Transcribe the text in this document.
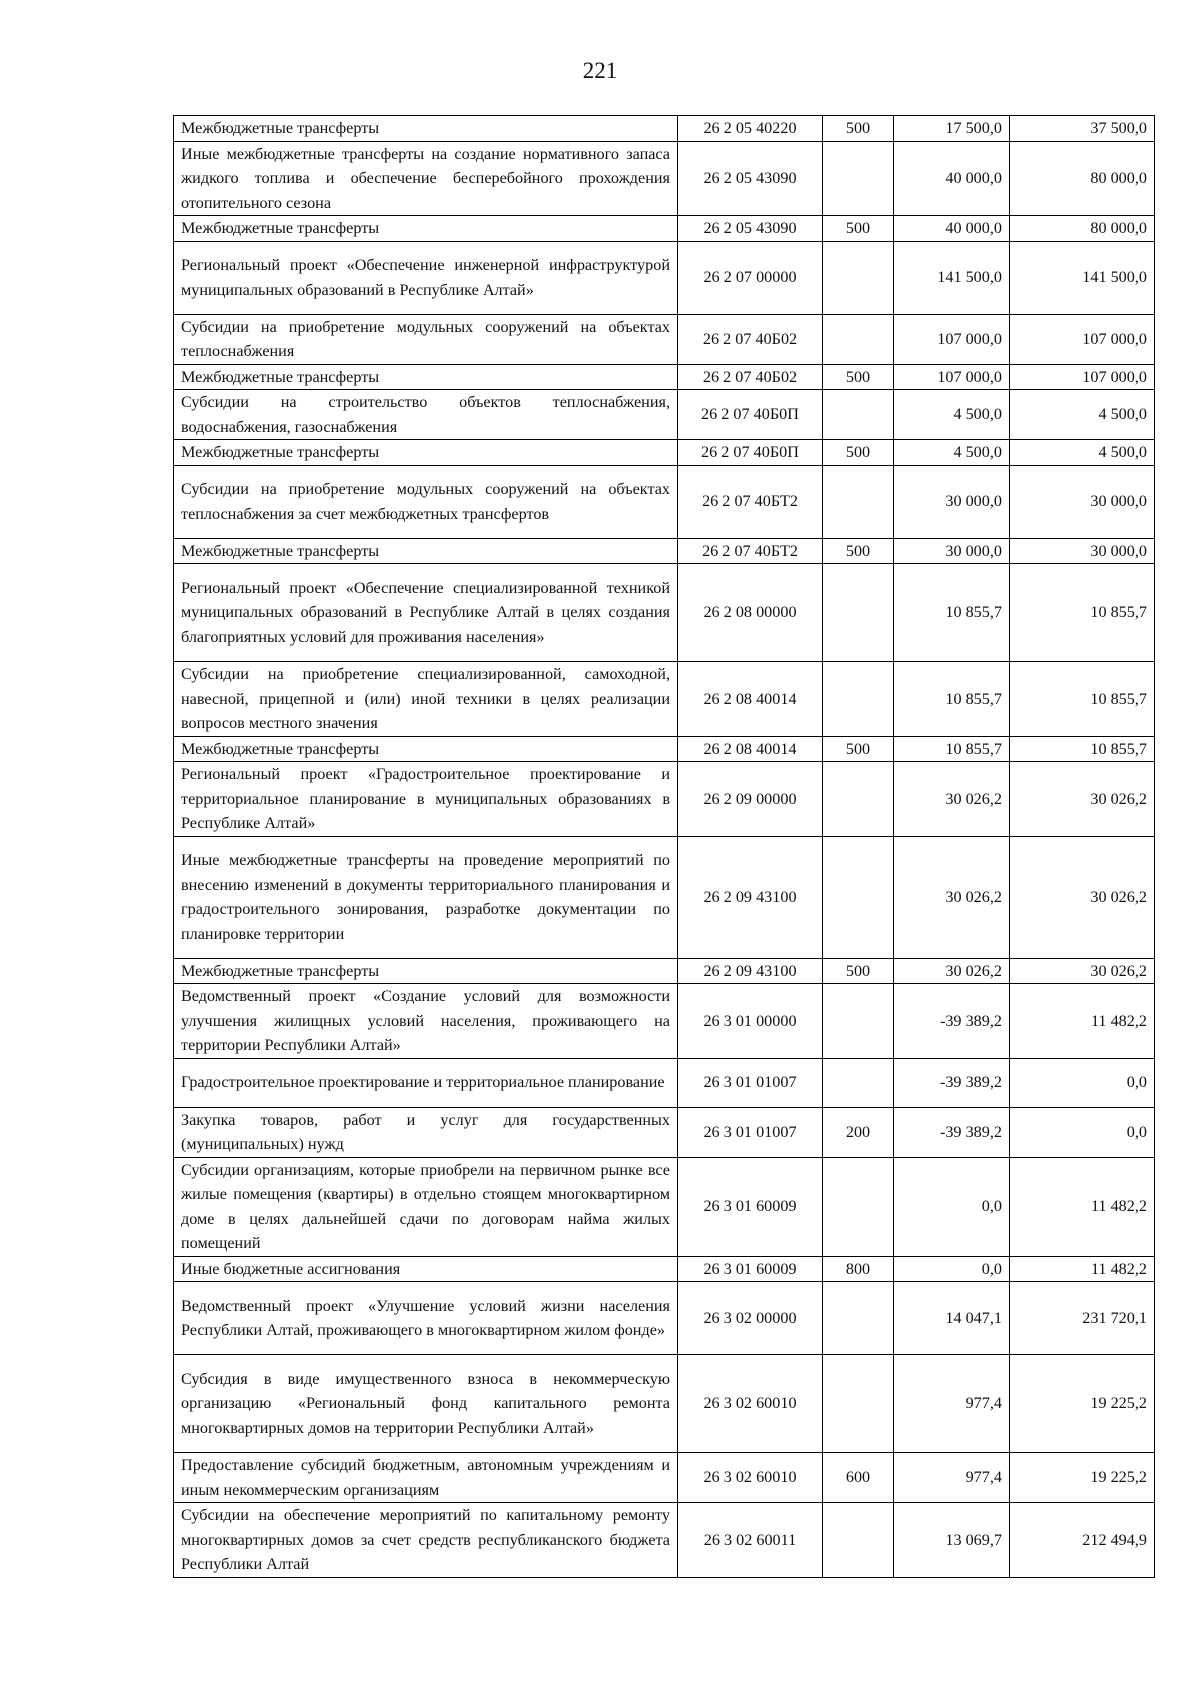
221
Межбюджетные трансферты	26 2 05 40220	500	17 500,0	37 500,0
Иные межбюджетные трансферты на создание нормативного запаса жидкого топлива и обеспечение бесперебойного прохождения отопительного сезона	26 2 05 43090		40 000,0	80 000,0
Межбюджетные трансферты	26 2 05 43090	500	40 000,0	80 000,0
Региональный проект «Обеспечение инженерной инфраструктурой муниципальных образований в Республике Алтай»	26 2 07 00000		141 500,0	141 500,0
Субсидии на приобретение модульных сооружений на объектах теплоснабжения	26 2 07 40Б02		107 000,0	107 000,0
Межбюджетные трансферты	26 2 07 40Б02	500	107 000,0	107 000,0
Субсидии на строительство объектов теплоснабжения, водоснабжения, газоснабжения	26 2 07 40Б0П		4 500,0	4 500,0
Межбюджетные трансферты	26 2 07 40Б0П	500	4 500,0	4 500,0
Субсидии на приобретение модульных сооружений на объектах теплоснабжения за счет межбюджетных трансфертов	26 2 07 40БТ2		30 000,0	30 000,0
Межбюджетные трансферты	26 2 07 40БТ2	500	30 000,0	30 000,0
Региональный проект «Обеспечение специализированной техникой муниципальных образований в Республике Алтай в целях создания благоприятных условий для проживания населения»	26 2 08 00000		10 855,7	10 855,7
Субсидии на приобретение специализированной, самоходной, навесной, прицепной и (или) иной техники в целях реализации вопросов местного значения	26 2 08 40014		10 855,7	10 855,7
Межбюджетные трансферты	26 2 08 40014	500	10 855,7	10 855,7
Региональный проект «Градостроительное проектирование и территориальное планирование в муниципальных образованиях в Республике Алтай»	26 2 09 00000		30 026,2	30 026,2
Иные межбюджетные трансферты на проведение мероприятий по внесению изменений в документы территориального планирования и градостроительного зонирования, разработке документации по планировке территории	26 2 09 43100		30 026,2	30 026,2
Межбюджетные трансферты	26 2 09 43100	500	30 026,2	30 026,2
Ведомственный проект «Создание условий для возможности улучшения жилищных условий населения, проживающего на территории Республики Алтай»	26 3 01 00000		-39 389,2	11 482,2
Градостроительное проектирование и территориальное планирование	26 3 01 01007		-39 389,2	0,0
Закупка товаров, работ и услуг для государственных (муниципальных) нужд	26 3 01 01007	200	-39 389,2	0,0
Субсидии организациям, которые приобрели на первичном рынке все жилые помещения (квартиры) в отдельно стоящем многоквартирном доме в целях дальнейшей сдачи по договорам найма жилых помещений	26 3 01 60009		0,0	11 482,2
Иные бюджетные ассигнования	26 3 01 60009	800	0,0	11 482,2
Ведомственный проект «Улучшение условий жизни населения Республики Алтай, проживающего в многоквартирном жилом фонде»	26 3 02 00000		14 047,1	231 720,1
Субсидия в виде имущественного взноса в некоммерческую организацию «Региональный фонд капитального ремонта многоквартирных домов на территории Республики Алтай»	26 3 02 60010		977,4	19 225,2
Предоставление субсидий бюджетным, автономным учреждениям и иным некоммерческим организациям	26 3 02 60010	600	977,4	19 225,2
Субсидии на обеспечение мероприятий по капитальному ремонту многоквартирных домов за счет средств республиканского бюджета Республики Алтай	26 3 02 60011		13 069,7	212 494,9
